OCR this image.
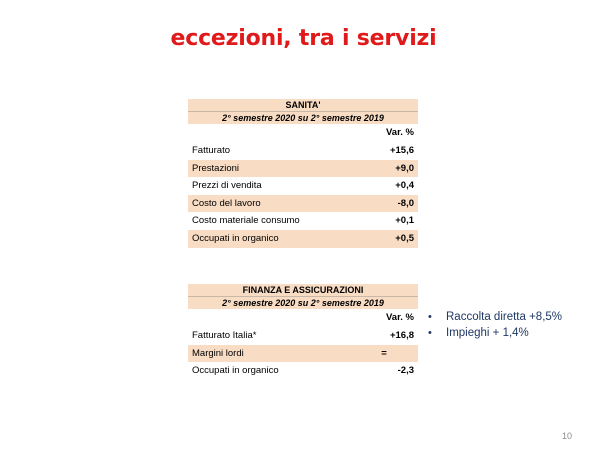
eccezioni, tra i servizi
SANITA'	
2° semestre 2020 su 2° semestre 2019	
	Var. %
Fatturato	+15,6
Prestazioni	+9,0
Prezzi di vendita	+0,4
Costo del lavoro	-8,0
Costo materiale consumo	+0,1
Occupati in organico	+0,5
FINANZA E ASSICURAZIONI	
2° semestre 2020 su 2° semestre 2019	
	Var. %
Fatturato Italia*	+16,8
Margini lordi	=
Occupati in organico	-2,3
• Raccolta diretta +8,5%
• Impieghi + 1,4%
10
